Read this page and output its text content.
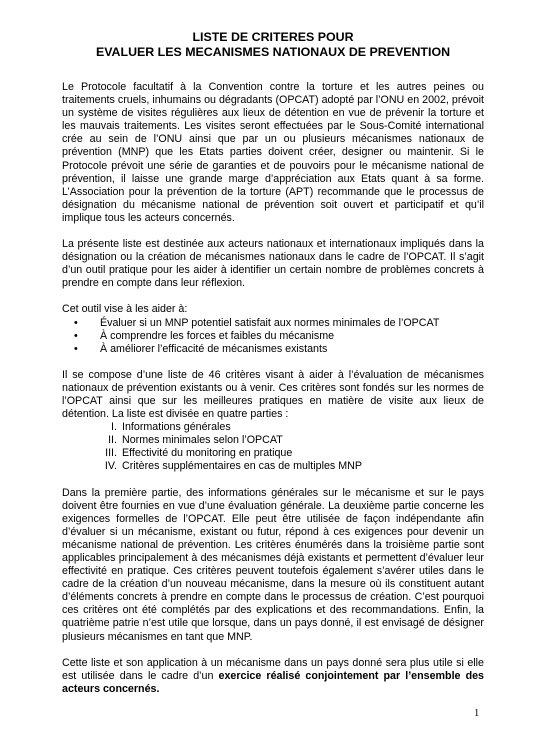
LISTE DE CRITERES POUR
EVALUER LES MECANISMES NATIONAUX DE PREVENTION

Le Protocole facultatif à la Convention contre la torture et les autres peines ou traitements cruels, inhumains ou dégradants (OPCAT) adopté par l’ONU en 2002, prévoit un système de visites régulières aux lieux de détention en vue de prévenir la torture et les mauvais traitements. Les visites seront effectuées par le Sous-Comité international crée au sein de l’ONU ainsi que par un ou plusieurs mécanismes nationaux de prévention (MNP) que les Etats parties doivent créer, designer ou maintenir. Si le Protocole prévoit une série de garanties et de pouvoirs pour le mécanisme national de prévention, il laisse une grande marge d’appréciation aux Etats quant à sa forme. L’Association pour la prévention de la torture (APT) recommande que le processus de désignation du mécanisme national de prévention soit ouvert et participatif et qu’il implique tous les acteurs concernés.

La présente liste est destinée aux acteurs nationaux et internationaux impliqués dans la désignation ou la création de mécanismes nationaux dans le cadre de l’OPCAT. Il s’agit d’un outil pratique pour les aider à identifier un certain nombre de problèmes concrets à prendre en compte dans leur réflexion.

Cet outil vise à les aider à:

• Évaluer si un MNP potentiel satisfait aux normes minimales de l’OPCAT
• À comprendre les forces et faibles du mécanisme
• À améliorer l’efficacité de mécanismes existants

Il se compose d’une liste de 46 critères visant à aider à l’évaluation de mécanismes nationaux de prévention existants ou à venir. Ces critères sont fondés sur les normes de l’OPCAT ainsi que sur les meilleures pratiques en matière de visite aux lieux de détention. La liste est divisée en quatre parties :

I. Informations générales
II. Normes minimales selon l’OPCAT
III. Effectivité du monitoring en pratique
IV. Critères supplémentaires en cas de multiples MNP

Dans la première partie, des informations générales sur le mécanisme et sur le pays doivent être fournies en vue d’une évaluation générale. La deuxième partie concerne les exigences formelles de l’OPCAT. Elle peut être utilisée de façon indépendante afin d’évaluer si un mécanisme, existant ou futur, répond à ces exigences pour devenir un mécanisme national de prévention. Les critères énumérés dans la troisième partie sont applicables principalement à des mécanismes déjà existants et permettent d’évaluer leur effectivité en pratique. Ces critères peuvent toutefois également s’avérer utiles dans le cadre de la création d’un nouveau mécanisme, dans la mesure où ils constituent autant d’éléments concrets à prendre en compte dans le processus de création. C’est pourquoi ces critères ont été complétés par des explications et des recommandations. Enfin, la quatrième patrie n’est utile que lorsque, dans un pays donné, il est envisagé de désigner plusieurs mécanismes en tant que MNP.

Cette liste et son application à un mécanisme dans un pays donné sera plus utile si elle est utilisée dans le cadre d’un exercice réalisé conjointement par l’ensemble des acteurs concernés.

1
